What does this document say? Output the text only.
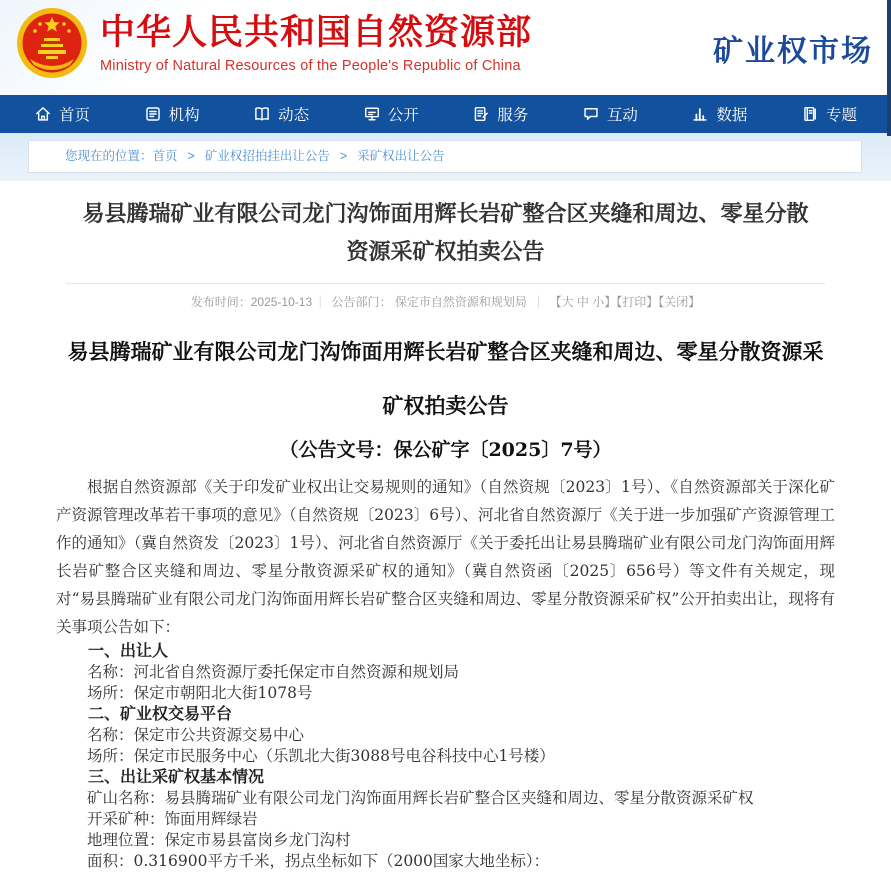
中华人民共和国自然资源部
Ministry of Natural Resources of the People's Republic of China	矿业权市场
首页	机构	动态	公开	服务	互动	数据	专题
您现在的位置：首页 > 矿业权招拍挂出让公告 > 采矿权出让公告
易县腾瑞矿业有限公司龙门沟饰面用辉长岩矿整合区夹缝和周边、零星分散资源采矿权拍卖公告
发布时间：2025-10-13 ｜ 公告部门： 保定市自然资源和规划局 ｜ 【大 中 小】【打印】【关闭】
易县腾瑞矿业有限公司龙门沟饰面用辉长岩矿整合区夹缝和周边、零星分散资源采矿权拍卖公告
（公告文号：保公矿字〔2025〕7号）

根据自然资源部《关于印发矿业权出让交易规则的通知》（自然资规〔2023〕1号）、《自然资源部关于深化矿产资源管理改革若干事项的意见》（自然资规〔2023〕6号）、河北省自然资源厅《关于进一步加强矿产资源管理工作的通知》（冀自然资发〔2023〕1号）、河北省自然资源厅《关于委托出让易县腾瑞矿业有限公司龙门沟饰面用辉长岩矿整合区夹缝和周边、零星分散资源采矿权的通知》（冀自然资函〔2025〕656号）等文件有关规定，现对“易县腾瑞矿业有限公司龙门沟饰面用辉长岩矿整合区夹缝和周边、零星分散资源采矿权”公开拍卖出让，现将有关事项公告如下：

一、出让人

名称：河北省自然资源厅委托保定市自然资源和规划局

场所：保定市朝阳北大街1078号

二、矿业权交易平台

名称：保定市公共资源交易中心

场所：保定市民服务中心（乐凯北大街3088号电谷科技中心1号楼）

三、出让采矿权基本情况

矿山名称：易县腾瑞矿业有限公司龙门沟饰面用辉长岩矿整合区夹缝和周边、零星分散资源采矿权

开采矿种：饰面用辉绿岩

地理位置：保定市易县富岗乡龙门沟村

面积：0.316900平方千米，拐点坐标如下（2000国家大地坐标）：
